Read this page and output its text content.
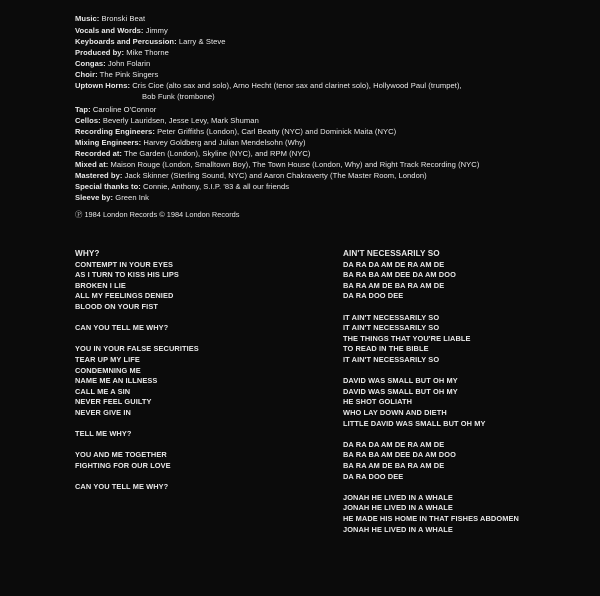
Music: Bronski Beat
Vocals and Words: Jimmy
Keyboards and Percussion: Larry & Steve
Produced by: Mike Thorne
Congas: John Folarin
Choir: The Pink Singers
Uptown Horns: Cris Cioe (alto sax and solo), Arno Hecht (tenor sax and clarinet solo), Hollywood Paul (trumpet),
Bob Funk (trombone)
Tap: Caroline O'Connor
Cellos: Beverly Lauridsen, Jesse Levy, Mark Shuman
Recording Engineers: Peter Griffiths (London), Carl Beatty (NYC) and Dominick Maita (NYC)
Mixing Engineers: Harvey Goldberg and Julian Mendelsohn (Why)
Recorded at: The Garden (London), Skyline (NYC), and RPM (NYC)
Mixed at: Maison Rouge (London, Smalltown Boy), The Town House (London, Why) and Right Track Recording (NYC)
Mastered by: Jack Skinner (Sterling Sound, NYC) and Aaron Chakraverty (The Master Room, London)
Special thanks to: Connie, Anthony, S.I.P. '83 & all our friends
Sleeve by: Green Ink
Ⓟ 1984 London Records © 1984 London Records
WHY?
CONTEMPT IN YOUR EYES
AS I TURN TO KISS HIS LIPS
BROKEN I LIE
ALL MY FEELINGS DENIED
BLOOD ON YOUR FIST
CAN YOU TELL ME WHY?
YOU IN YOUR FALSE SECURITIES
TEAR UP MY LIFE
CONDEMNING ME
NAME ME AN ILLNESS
CALL ME A SIN
NEVER FEEL GUILTY
NEVER GIVE IN
TELL ME WHY?
YOU AND ME TOGETHER
FIGHTING FOR OUR LOVE
CAN YOU TELL ME WHY?
AIN'T NECESSARILY SO
DA RA DA AM DE RA AM DE
BA RA BA AM DEE DA AM DOO
BA RA AM DE BA RA AM DE
DA RA DOO DEE
IT AIN'T NECESSARILY SO
IT AIN'T NECESSARILY SO
THE THINGS THAT YOU'RE LIABLE
TO READ IN THE BIBLE
IT AIN'T NECESSARILY SO
DAVID WAS SMALL BUT OH MY
DAVID WAS SMALL BUT OH MY
HE SHOT GOLIATH
WHO LAY DOWN AND DIETH
LITTLE DAVID WAS SMALL BUT OH MY
DA RA DA AM DE RA AM DE
BA RA BA AM DEE DA AM DOO
BA RA AM DE BA RA AM DE
DA RA DOO DEE
JONAH HE LIVED IN A WHALE
JONAH HE LIVED IN A WHALE
HE MADE HIS HOME IN THAT FISHES ABDOMEN
JONAH HE LIVED IN A WHALE
